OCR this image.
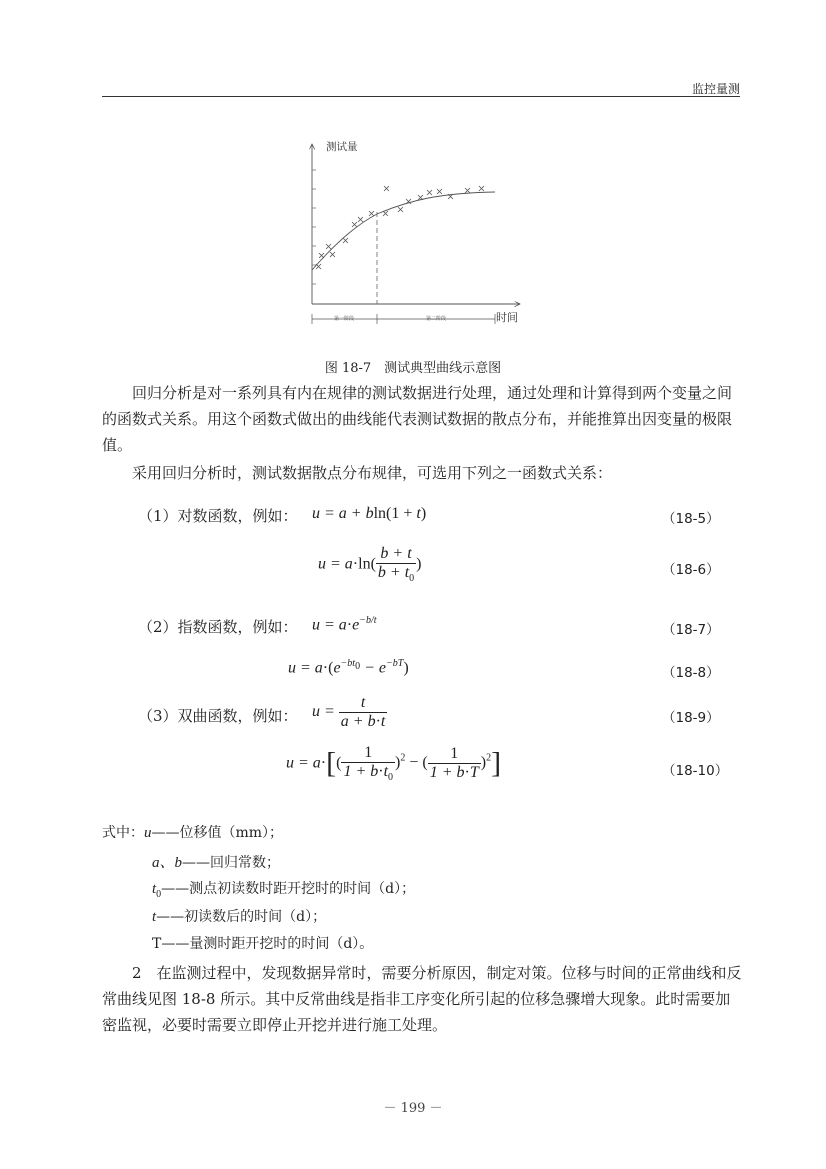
监控量测
第一阶段	第二阶段
测试量
时间
图 18-7　测试典型曲线示意图
回归分析是对一系列具有内在规律的测试数据进行处理，通过处理和计算得到两个变量之间的函数式关系。用这个函数式做出的曲线能代表测试数据的散点分布，并能推算出因变量的极限值。
采用回归分析时，测试数据散点分布规律，可选用下列之一函数式关系：
（1）对数函数，例如： u = a + bln(1 + t)	（18-5）
$u = a\cdot\ln( \frac{b + t}{b + t_0}$ )	（18-6）
（2）指数函数，例如： $u = a\cdot e^{-b/t}$
（18-7）
$u = a\cdot(e^{-bt_0} - e^{-bT})$	（18-8）
（3）双曲函数，例如： $u = \frac{t}{a + b\cdot t}$	（18-9）
$u = a\cdot[( \frac{1}{1 + b\cdot t_0} )^2$ − ( $\frac{1}{1 + b\cdot T} )^2$]	（18-10）
式中：u——位移值（mm）；
a、b——回归常数；
$t_0——$测点初读数时距开挖时的时间（d）；
t——初读数后的时间（d）；
T——量测时距开挖时的时间（d）。
2　在监测过程中，发现数据异常时，需要分析原因，制定对策。位移与时间的正常曲线和反常曲线见图 18-8 所示。其中反常曲线是指非工序变化所引起的位移急骤增大现象。此时需要加密监视，必要时需要立即停止开挖并进行施工处理。
－ 199 －
